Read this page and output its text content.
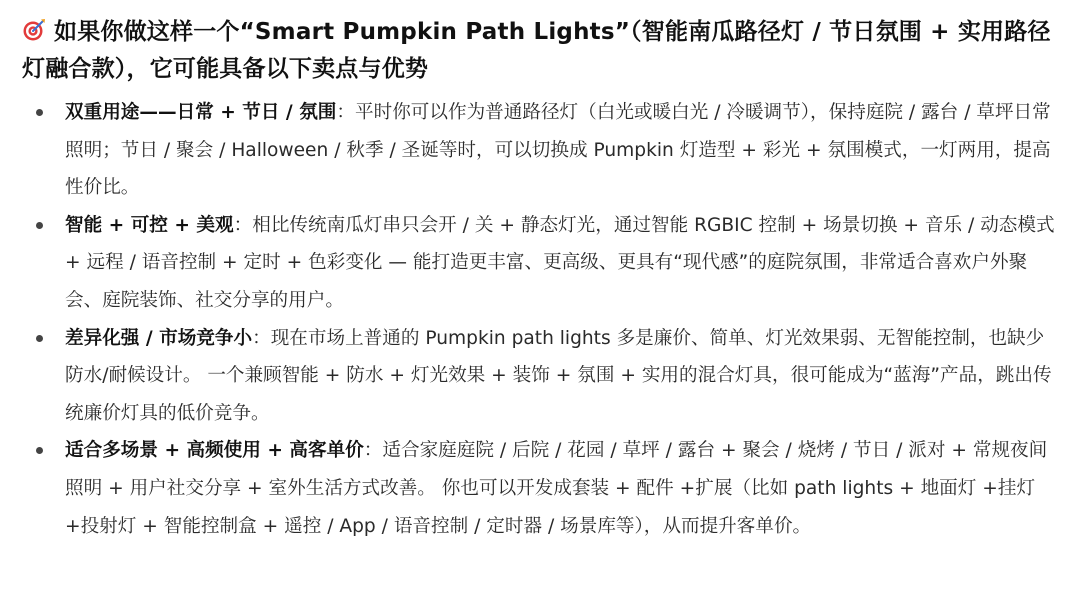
如果你做这样一个“Smart Pumpkin Path Lights”（智能南瓜路径灯 / 节日氛围 + 实用路径灯融合款），它可能具备以下卖点与优势
双重用途——日常 + 节日 / 氛围：平时你可以作为普通路径灯（白光或暖白光 / 冷暖调节），保持庭院 / 露台 / 草坪日常照明；节日 / 聚会 / Halloween / 秋季 / 圣诞等时，可以切换成 Pumpkin 灯造型 + 彩光 + 氛围模式，一灯两用，提高性价比。
智能 + 可控 + 美观：相比传统南瓜灯串只会开 / 关 + 静态灯光，通过智能 RGBIC 控制 + 场景切换 + 音乐 / 动态模式 + 远程 / 语音控制 + 定时 + 色彩变化 — 能打造更丰富、更高级、更具有“现代感”的庭院氛围，非常适合喜欢户外聚会、庭院装饰、社交分享的用户。
差异化强 / 市场竞争小：现在市场上普通的 Pumpkin path lights 多是廉价、简单、灯光效果弱、无智能控制，也缺少防水/耐候设计。 一个兼顾智能 + 防水 + 灯光效果 + 装饰 + 氛围 + 实用的混合灯具，很可能成为“蓝海”产品，跳出传统廉价灯具的低价竞争。
适合多场景 + 高频使用 + 高客单价：适合家庭庭院 / 后院 / 花园 / 草坪 / 露台 + 聚会 / 烧烤 / 节日 / 派对 + 常规夜间照明 + 用户社交分享 + 室外生活方式改善。 你也可以开发成套装 + 配件 +扩展（比如 path lights + 地面灯 +挂灯 +投射灯 + 智能控制盒 + 遥控 / App / 语音控制 / 定时器 / 场景库等），从而提升客单价。
